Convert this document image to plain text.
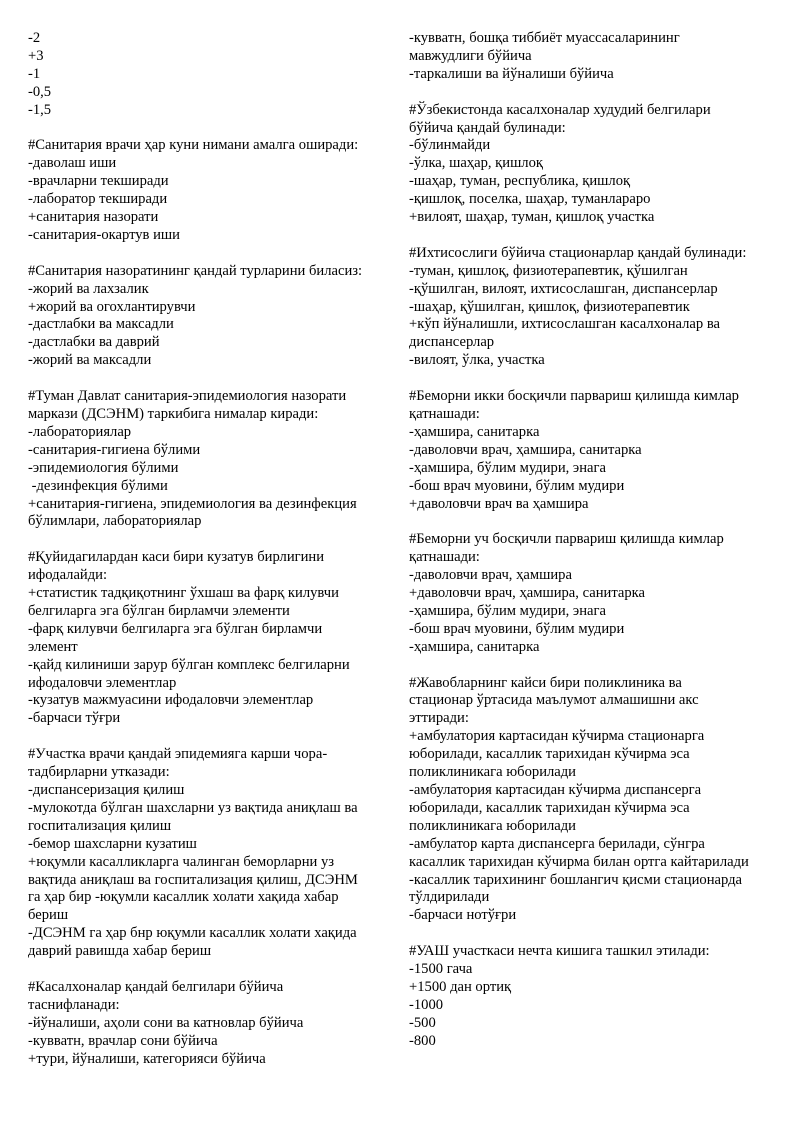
-2
+3
-1
-0,5
-1,5
#Санитария врачи ҳар куни нимани амалга оширади:
-даволаш иши
-врачларни текширади
-лаборатор текширади
+санитария назорати
-санитария-окартув иши
#Санитария назоратининг қандай турларини биласиз:
-жорий ва лахзалик
+жорий ва огохлантирувчи
-дастлабки ва максадли
-дастлабки ва даврий
-жорий ва максадли
#Туман Давлат санитария-эпидемиология назорати
маркази (ДСЭНМ) таркибига нималар киради:
-лабораториялар
-санитария-гигиена бўлими
-эпидемиология бўлими
-дезинфекция бўлими
+санитария-гигиена, эпидемиология ва дезинфекция
бўлимлари, лабораториялар
#Қуйидагилардан каси бири кузатув бирлигини
ифодалайди:
+статистик тадқиқотнинг ўхшаш ва фарқ килувчи
белгиларга эга бўлган бирламчи элементи
-фарқ килувчи белгиларга эга бўлган бирламчи
элемент
-қайд килиниши зарур бўлган комплекс белгиларни
ифодаловчи элементлар
-кузатув мажмуасини ифодаловчи элементлар
-барчаси тўғри
#Участка врачи қандай эпидемияга карши чора-
тадбирларни утказади:
-диспансеризация қилиш
-мулокотда бўлган шахсларни уз вақтида аниқлаш ва
госпитализация қилиш
-бемор шахсларни кузатиш
+юқумли касалликларга чалинган беморларни уз
вақтида аниқлаш ва госпитализация қилиш, ДСЭНМ
га ҳар бир -юқумли касаллик холати хақида хабар
бериш
-ДСЭНМ га ҳар бнр юқумли касаллик холати хақида
даврий равишда хабар бериш
#Касалхоналар қандай белгилари бўйича
таснифланади:
-йўналиши, аҳоли сони ва катновлар бўйича
-кувватн, врачлар сони бўйича
+тури, йўналиши, категорияси бўйича
-кувватн, бошқа тиббиёт муассасаларининг
мавжудлиги бўйича
-таркалиши ва йўналиши бўйича
#Ўзбекистонда касалхоналар худудий белгилари
бўйича қандай булинади:
-бўлинмайди
-ўлка, шаҳар, қишлоқ
-шаҳар, туман, республика, қишлоқ
-қишлоқ, поселка, шаҳар, туманлараро
+вилоят, шаҳар, туман, қишлоқ участка
#Ихтисослиги бўйича стационарлар қандай булинади:
-туман, қишлоқ, физиотерапевтик, қўшилган
-қўшилган, вилоят, ихтисослашган, диспансерлар
-шаҳар, қўшилган, қишлоқ, физиотерапевтик
+кўп йўналишли, ихтисослашган касалхоналар ва
диспансерлар
-вилоят, ўлка, участка
#Беморни икки босқичли парвариш қилишда кимлар
қатнашади:
-ҳамшира, санитарка
-даволовчи врач, ҳамшира, санитарка
-ҳамшира, бўлим мудири, энага
-бош врач муовини, бўлим мудири
+даволовчи врач ва ҳамшира
#Беморни уч босқичли парвариш қилишда кимлар
қатнашади:
-даволовчи врач, ҳамшира
+даволовчи врач, ҳамшира, санитарка
-ҳамшира, бўлим мудири, энага
-бош врач муовини, бўлим мудири
-ҳамшира, санитарка
#Жавобларнинг кайси бири поликлиника ва
стационар ўртасида маълумот алмашишни акс
эттиради:
+амбулатория картасидан кўчирма стационарга
юборилади, касаллик тарихидан кўчирма эса
поликлиникага юборилади
-амбулатория картасидан кўчирма диспансерга
юборилади, касаллик тарихидан кўчирма эса
поликлиникага юборилади
-амбулатор карта диспансерга берилади, сўнгра
касаллик тарихидан кўчирма билан ортга кайтарилади
-касаллик тарихининг бошлангич қисми стационарда
тўлдирилади
-барчаси нотўғри
#УАШ участкаси нечта кишига ташкил этилади:
-1500 гача
+1500 дан ортиқ
-1000
-500
-800
